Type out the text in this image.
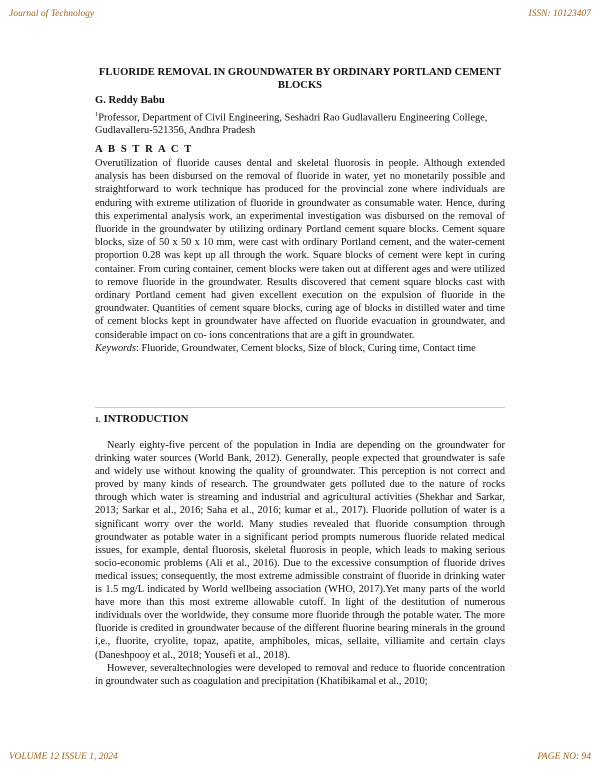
Journal of Technology	ISSN: 10123407
FLUORIDE REMOVAL IN GROUNDWATER BY ORDINARY PORTLAND CEMENT BLOCKS
G. Reddy Babu
$^1$Professor, Department of Civil Engineering, Seshadri Rao Gudlavalleru Engineering College, Gudlavalleru-521356, Andhra Pradesh
A B S T R A C T
Overutilization of fluoride causes dental and skeletal fluorosis in people. Although extended analysis has been disbursed on the removal of fluoride in water, yet no monetarily possible and straightforward to work technique has produced for the provincial zone where individuals are enduring with extreme utilization of fluoride in groundwater as consumable water. Hence, during this experimental analysis work, an experimental investigation was disbursed on the removal of fluoride in the groundwater by utilizing ordinary Portland cement square blocks. Cement square blocks, size of 50 x 50 x 10 mm, were cast with ordinary Portland cement, and the water-cement proportion 0.28 was kept up all through the work. Square blocks of cement were kept in curing container. From curing container, cement blocks were taken out at different ages and were utilized to remove fluoride in the groundwater. Results discovered that cement square blocks cast with ordinary Portland cement had given excellent execution on the expulsion of fluoride in the groundwater. Quantities of cement square blocks, curing age of blocks in distilled water and time of cement blocks kept in groundwater have affected on fluoride evacuation in groundwater, and considerable impact on co- ions concentrations that are a gift in groundwater.
Keywords: Fluoride, Groundwater, Cement blocks, Size of block, Curing time, Contact time
1. INTRODUCTION

Nearly eighty-five percent of the population in India are depending on the groundwater for drinking water sources (World Bank, 2012). Generally, people expected that groundwater is safe and widely use without knowing the quality of groundwater. This perception is not correct and proved by many kinds of research. The groundwater gets polluted due to the nature of rocks through which water is streaming and industrial and agricultural activities (Shekhar and Sarkar, 2013; Sarkar et al., 2016; Saha et al., 2016; kumar et al., 2017). Fluoride pollution of water is a significant worry over the world. Many studies revealed that fluoride consumption through groundwater as potable water in a significant period prompts numerous fluoride related medical issues, for example, dental fluorosis, skeletal fluorosis in people, which leads to making serious socio-economic problems (Ali et al., 2016). Due to the excessive consumption of fluoride drives medical issues; consequently, the most extreme admissible constraint of fluoride in drinking water is 1.5 mg/L indicated by World wellbeing association (WHO, 2017).Yet many parts of the world have more than this most extreme allowable cutoff. In light of the destitution of numerous individuals over the worldwide, they consume more fluoride through the potable water. The more fluoride is credited in groundwater because of the different fluorine bearing minerals in the ground i,e., fluorite, cryolite, topaz, apatite, amphiboles, micas, sellaite, villiamite and certain clays (Daneshpooy et al., 2018; Yousefi et al., 2018).

However, severaltechnologies were developed to removal and reduce to fluoride concentration in groundwater such as coagulation and precipitation (Khatibikamal et al., 2010;

VOLUME 12 ISSUE 1, 2024	PAGE NO: 94
